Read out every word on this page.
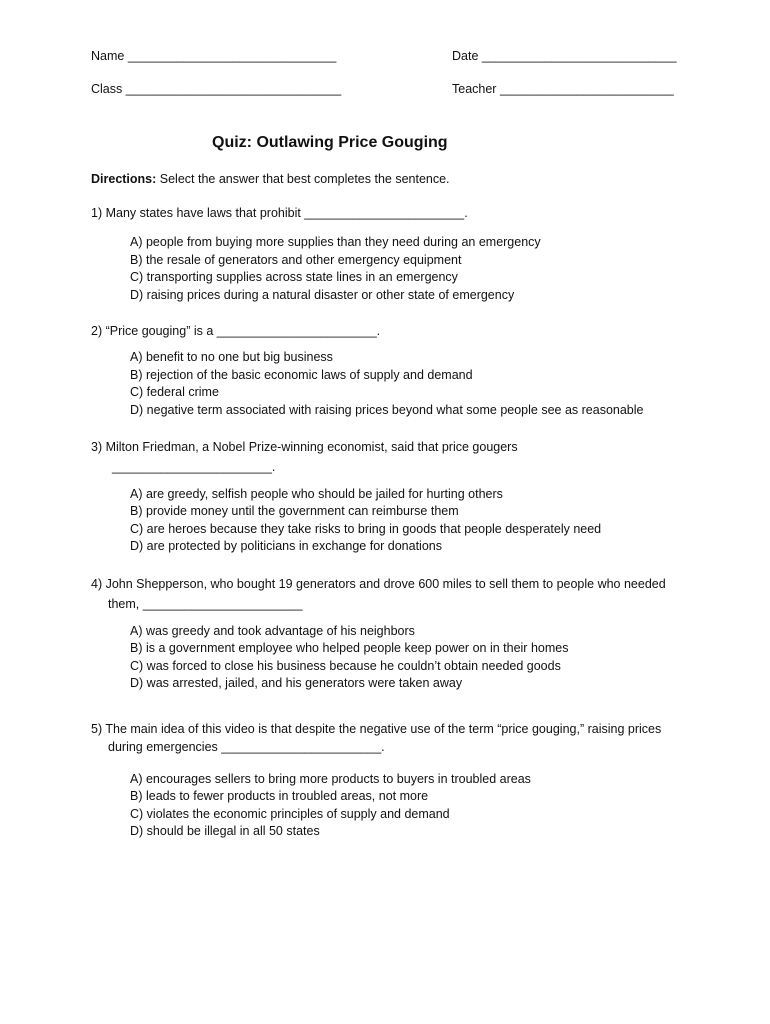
Name ______________________________	Date ____________________________
Class _______________________________	Teacher _________________________
Quiz: Outlawing Price Gouging
Directions: Select the answer that best completes the sentence.
1) Many states have laws that prohibit _______________________.
A) people from buying more supplies than they need during an emergency
B) the resale of generators and other emergency equipment
C) transporting supplies across state lines in an emergency
D) raising prices during a natural disaster or other state of emergency
2) “Price gouging” is a _______________________.
A) benefit to no one but big business
B) rejection of the basic economic laws of supply and demand
C) federal crime
D) negative term associated with raising prices beyond what some people see as reasonable
3) Milton Friedman, a Nobel Prize-winning economist, said that price gougers
_______________________.
A) are greedy, selfish people who should be jailed for hurting others
B) provide money until the government can reimburse them
C) are heroes because they take risks to bring in goods that people desperately need
D) are protected by politicians in exchange for donations
4) John Shepperson, who bought 19 generators and drove 600 miles to sell them to people who needed
them, _______________________
A) was greedy and took advantage of his neighbors
B) is a government employee who helped people keep power on in their homes
C) was forced to close his business because he couldn’t obtain needed goods
D) was arrested, jailed, and his generators were taken away
5) The main idea of this video is that despite the negative use of the term “price gouging,” raising prices
during emergencies _______________________.
A) encourages sellers to bring more products to buyers in troubled areas
B) leads to fewer products in troubled areas, not more
C) violates the economic principles of supply and demand
D) should be illegal in all 50 states
